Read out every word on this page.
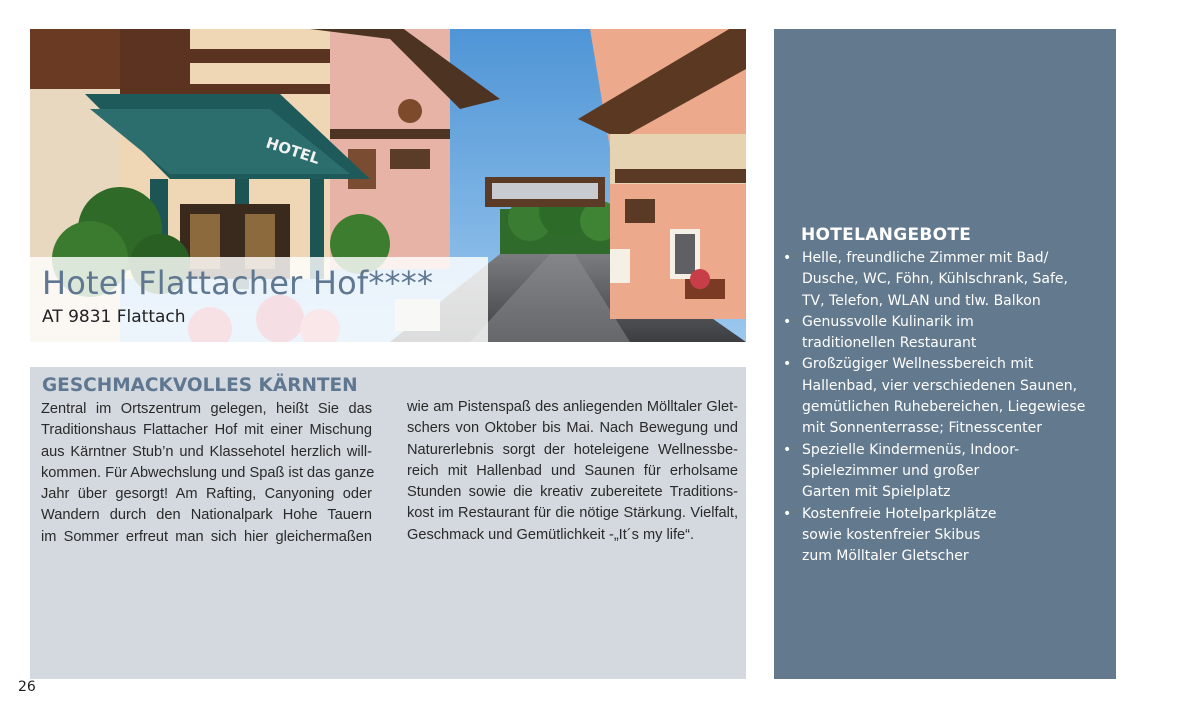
HOTEL
Hotel Flattacher Hof****

AT 9831 Flattach

GESCHMACKVOLLES KÄRNTEN

Zentral im Ortszentrum gelegen, heißt Sie das
Traditionshaus Flattacher Hof mit einer Mischung
aus Kärntner Stub’n und Klassehotel herzlich will-
kommen. Für Abwechslung und Spaß ist das ganze
Jahr über gesorgt! Am Rafting, Canyoning oder
Wandern durch den Nationalpark Hohe Tauern
im Sommer erfreut man sich hier gleichermaßen

wie am Pistenspaß des anliegenden Mölltaler Glet-
schers von Oktober bis Mai. Nach Bewegung und
Naturerlebnis sorgt der hoteleigene Wellnessbe-
reich mit Hallenbad und Saunen für erholsame
Stunden sowie die kreativ zubereitete Traditions-
kost im Restaurant für die nötige Stärkung. Vielfalt,
Geschmack und Gemütlichkeit -„It´s my life“.

HOTELANGEBOTE
• Helle, freundliche Zimmer mit Bad/
Dusche, WC, Föhn, Kühlschrank, Safe,
TV, Telefon, WLAN und tlw. Balkon
• Genussvolle Kulinarik im
traditionellen Restaurant
• Großzügiger Wellnessbereich mit
Hallenbad, vier verschiedenen Saunen,
gemütlichen Ruhebereichen, Liegewiese
mit Sonnenterrasse; Fitnesscenter
• Spezielle Kindermenüs, Indoor-
Spielezimmer und großer
Garten mit Spielplatz
• Kostenfreie Hotelparkplätze
sowie kostenfreier Skibus
zum Mölltaler Gletscher

26
